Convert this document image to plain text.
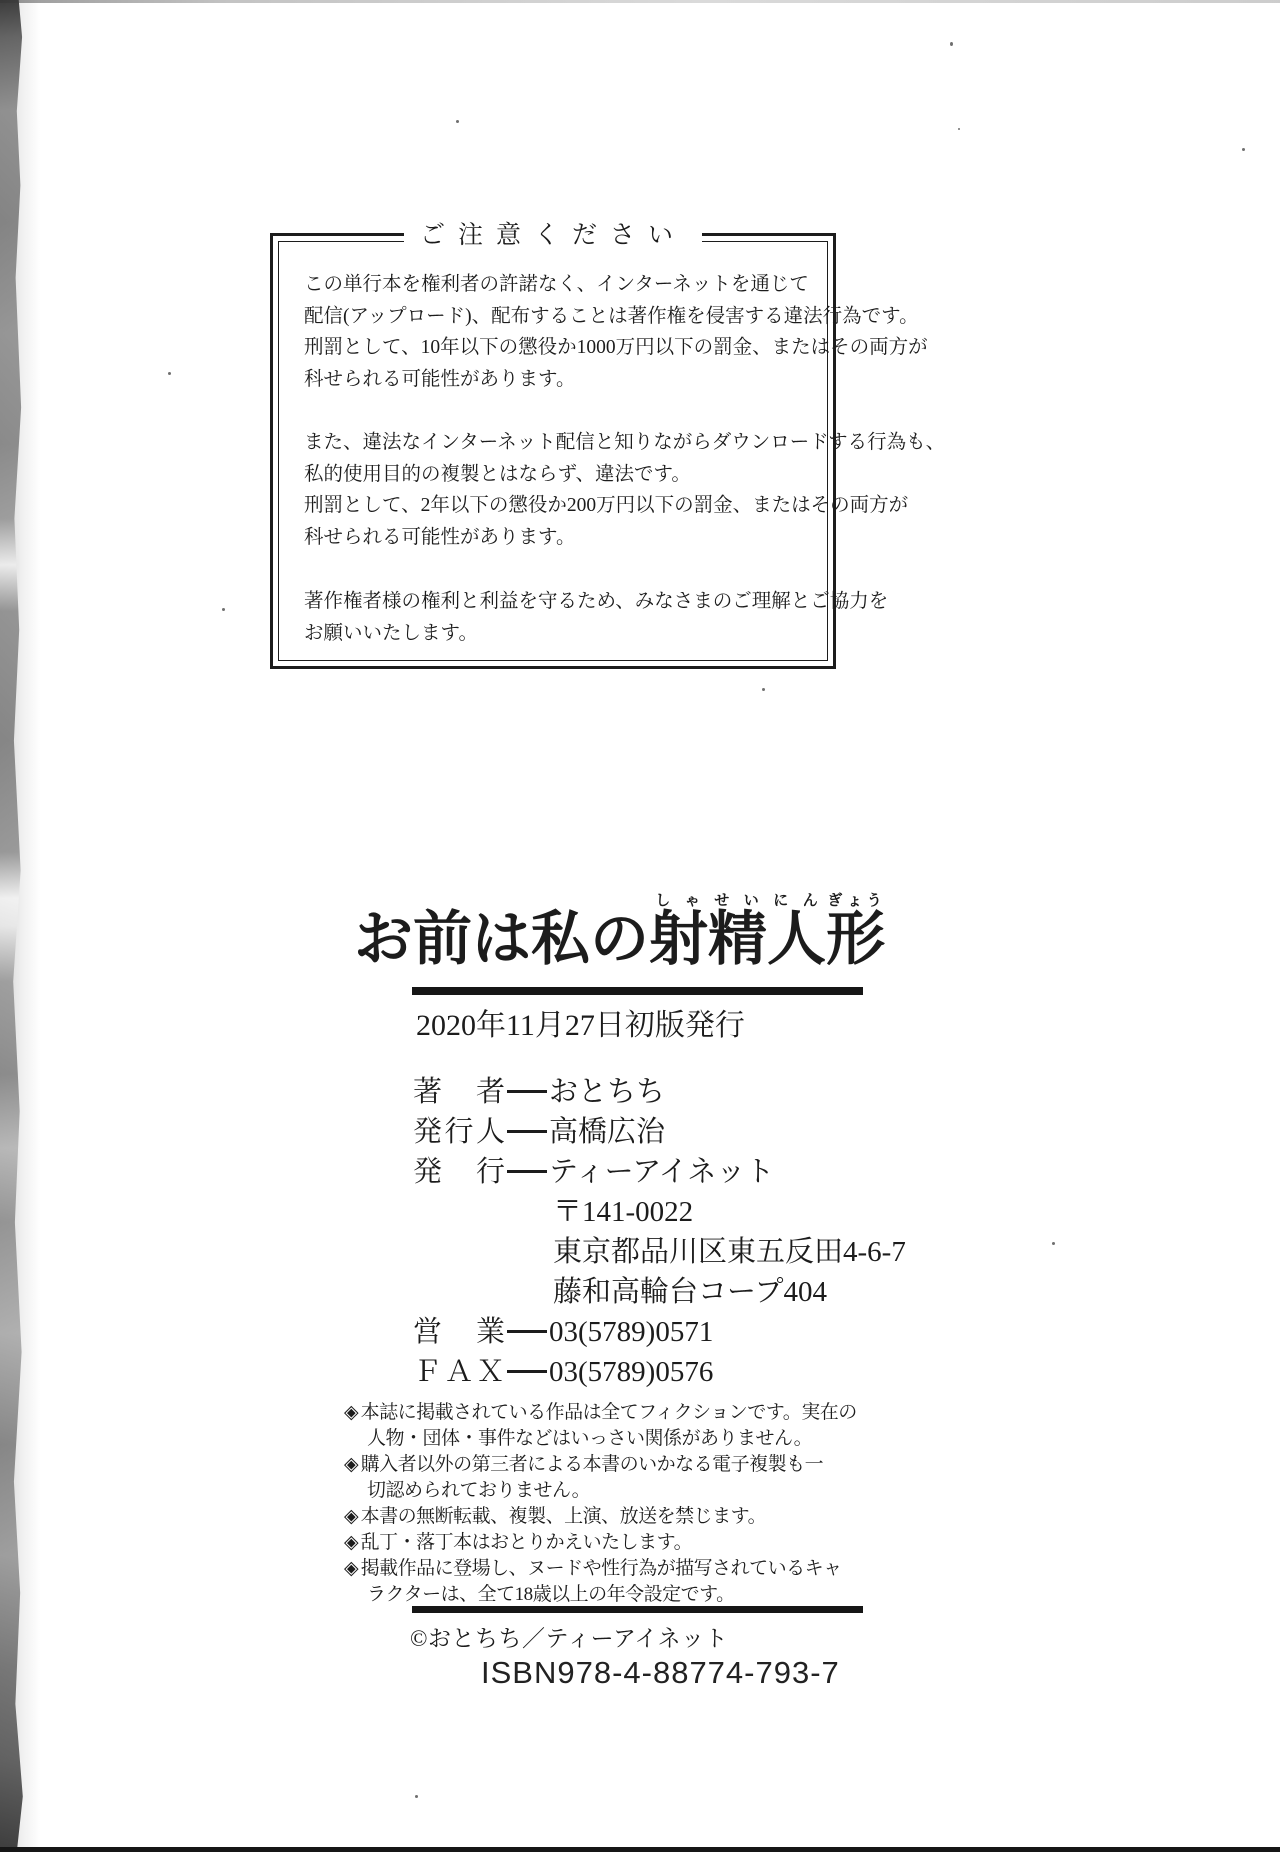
ご注意ください
この単行本を権利者の許諾なく、インターネットを通じて
配信(アップロード)、配布することは著作権を侵害する違法行為です。
刑罰として、10年以下の懲役か1000万円以下の罰金、またはその両方が
科せられる可能性があります。
また、違法なインターネット配信と知りながらダウンロードする行為も、
私的使用目的の複製とはならず、違法です。
刑罰として、2年以下の懲役か200万円以下の罰金、またはその両方が
科せられる可能性があります。
著作権者様の権利と利益を守るため、みなさまのご理解とご協力を
お願いいたします。
お前は私の射しゃ精せい人にん形ぎょう
2020年11月27日初版発行
著　者 おとちち
発行人 高橋広治
発　行 ティーアイネット
〒141-0022
東京都品川区東五反田4-6-7
藤和高輪台コープ404
営　業 03(5789)0571
ＦＡＸ 03(5789)0576
◈ 本誌に掲載されている作品は全てフィクションです。実在の
人物・団体・事件などはいっさい関係がありません。
◈ 購入者以外の第三者による本書のいかなる電子複製も一
切認められておりません。
◈ 本書の無断転載、複製、上演、放送を禁じます。
◈ 乱丁・落丁本はおとりかえいたします。
◈ 掲載作品に登場し、ヌードや性行為が描写されているキャ
ラクターは、全て18歳以上の年令設定です。
©おとちち／ティーアイネット
ISBN978-4-88774-793-7
